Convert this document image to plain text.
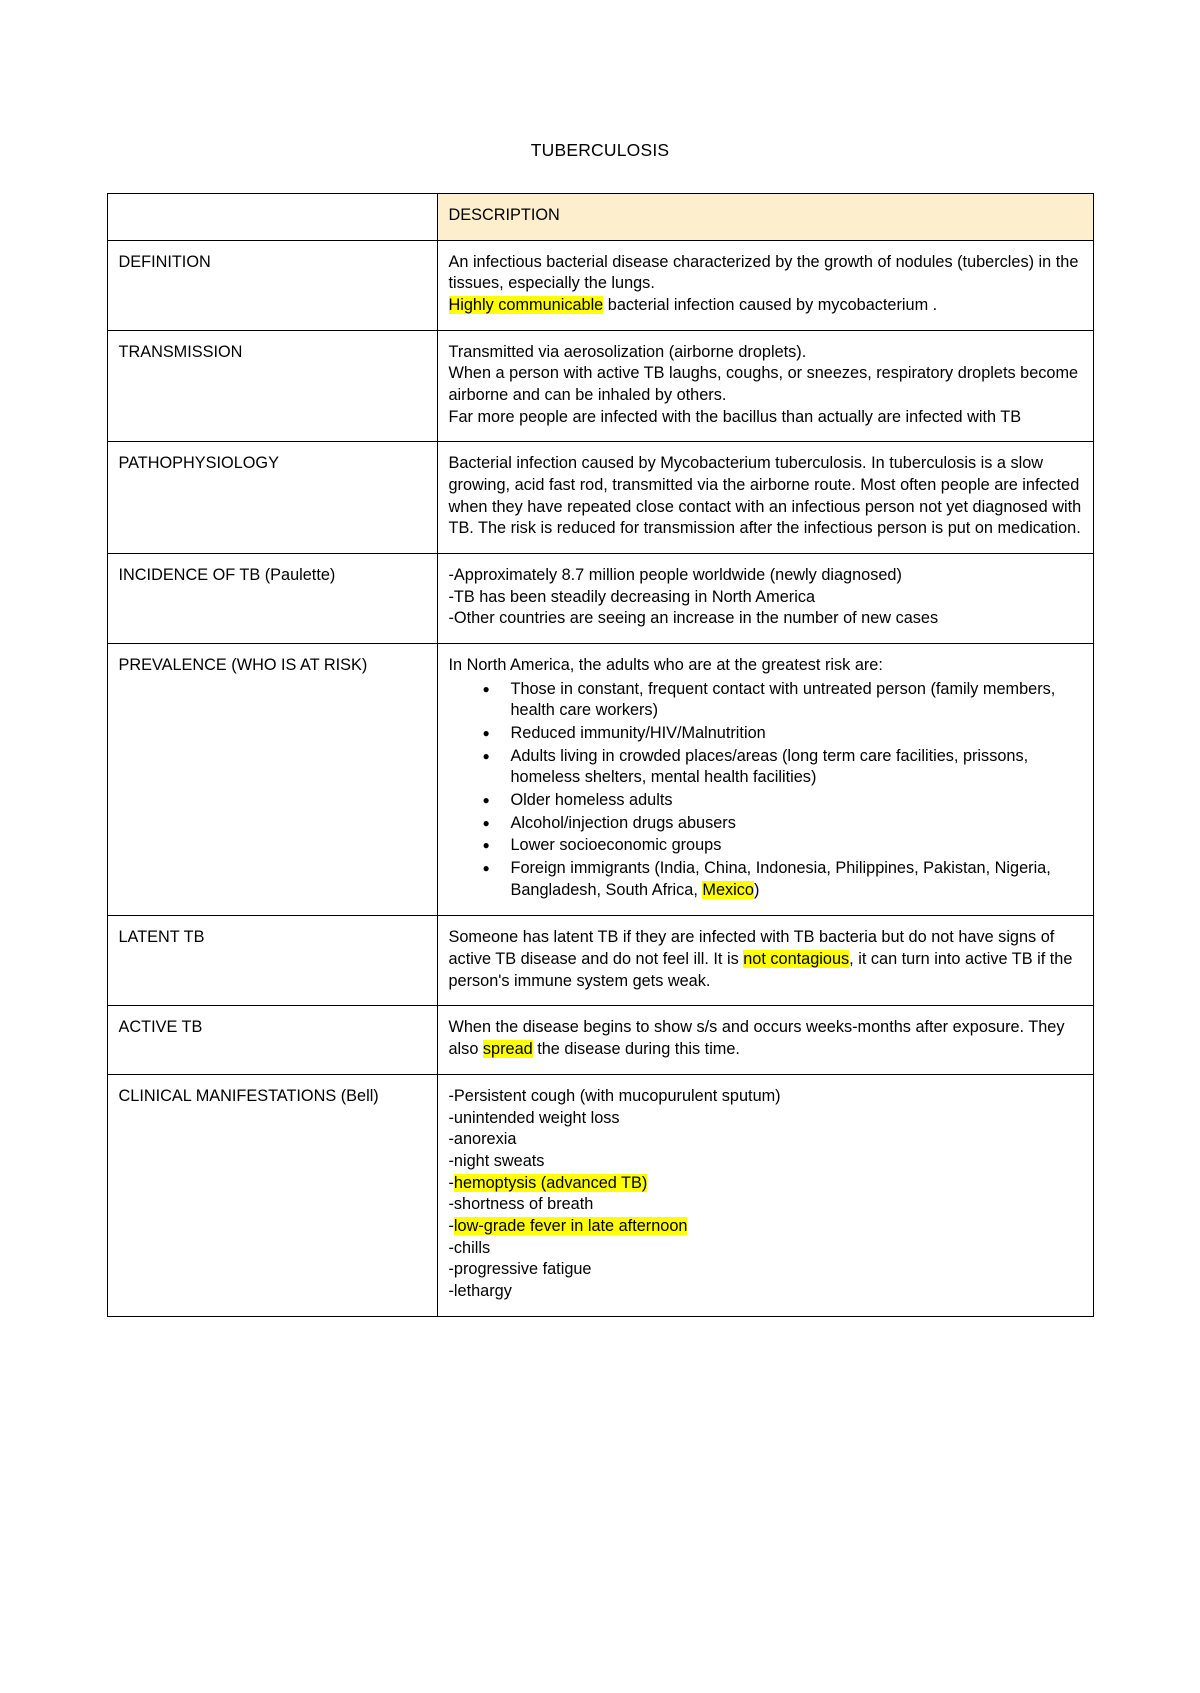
TUBERCULOSIS
	DESCRIPTION
DEFINITION	An infectious bacterial disease characterized by the growth of nodules (tubercles) in the tissues, especially the lungs.
Highly communicable bacterial infection caused by mycobacterium .

TRANSMISSION	Transmitted via aerosolization (airborne droplets).
When a person with active TB laughs, coughs, or sneezes, respiratory droplets become airborne and can be inhaled by others.
Far more people are infected with the bacillus than actually are infected with TB

PATHOPHYSIOLOGY	Bacterial infection caused by Mycobacterium tuberculosis. In tuberculosis is a slow growing, acid fast rod, transmitted via the airborne route. Most often people are infected when they have repeated close contact with an infectious person not yet diagnosed with TB. The risk is reduced for transmission after the infectious person is put on medication.

INCIDENCE OF TB (Paulette)	-Approximately 8.7 million people worldwide (newly diagnosed)
-TB has been steadily decreasing in North America
-Other countries are seeing an increase in the number of new cases

PREVALENCE (WHO IS AT RISK)	In North America, the adults who are at the greatest risk are:
● Those in constant, frequent contact with untreated person (family members, health care workers)
● Reduced immunity/HIV/Malnutrition
● Adults living in crowded places/areas (long term care facilities, prissons, homeless shelters, mental health facilities)
● Older homeless adults
● Alcohol/injection drugs abusers
● Lower socioeconomic groups
● Foreign immigrants (India, China, Indonesia, Philippines, Pakistan, Nigeria, Bangladesh, South Africa, Mexico)

LATENT TB	Someone has latent TB if they are infected with TB bacteria but do not have signs of active TB disease and do not feel ill. It is not contagious, it can turn into active TB if the person's immune system gets weak.

ACTIVE TB	When the disease begins to show s/s and occurs weeks-months after exposure. They also spread the disease during this time.

CLINICAL MANIFESTATIONS (Bell)	-Persistent cough (with mucopurulent sputum)
-unintended weight loss
-anorexia
-night sweats
-hemoptysis (advanced TB)
-shortness of breath
-low-grade fever in late afternoon
-chills
-progressive fatigue
-lethargy
